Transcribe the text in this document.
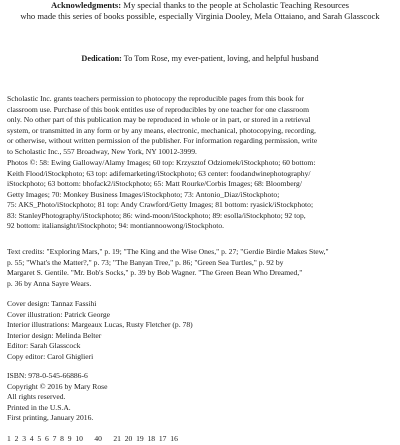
Acknowledgments: My special thanks to the people at Scholastic Teaching Resources
who made this series of books possible, especially Virginia Dooley, Mela Ottaiano, and Sarah Glasscock
Dedication: To Tom Rose, my ever-patient, loving, and helpful husband
Scholastic Inc. grants teachers permission to photocopy the reproducible pages from this book for
classroom use. Purchase of this book entitles use of reproducibles by one teacher for one classroom
only. No other part of this publication may be reproduced in whole or in part, or stored in a retrieval
system, or transmitted in any form or by any means, electronic, mechanical, photocopying, recording,
or otherwise, without written permission of the publisher. For information regarding permission, write
to Scholastic Inc., 557 Broadway, New York, NY 10012-3999.
Photos ©: 58: Ewing Galloway/Alamy Images; 60 top: Krzysztof Odziomek/iStockphoto; 60 bottom:
Keith Flood/iStockphoto; 63 top: adifemarketing/iStockphoto; 63 center: foodandwinephotography/
iStockphoto; 63 bottom: bhofack2/iStockphoto; 65: Matt Rourke/Corbis Images; 68: Bloomberg/
Getty Images; 70: Monkey Business Images/iStockphoto; 73: Antonio_Diaz/iStockphoto;
75: AKS_Photo/iStockphoto; 81 top: Andy Crawford/Getty Images; 81 bottom: ryasick/iStockphoto;
83: StanleyPhotography/iStockphoto; 86: wind-moon/iStockphoto; 89: esolla/iStockphoto; 92 top,
92 bottom: italiansight/iStockphoto; 94: montiannoowong/iStockphoto.
Text credits: "Exploring Mars," p. 19; "The King and the Wise Ones," p. 27; "Gerdie Birdie Makes Stew,"
p. 55; "What's the Matter?," p. 73; "The Banyan Tree," p. 86; "Green Sea Turtles," p. 92 by
Margaret S. Gentile. "Mr. Bob's Socks," p. 39 by Bob Wagner. "The Green Bean Who Dreamed,"
p. 36 by Anna Sayre Wears.
Cover design: Tannaz Fassihi
Cover illustration: Patrick George
Interior illustrations: Margeaux Lucas, Rusty Fletcher (p. 78)
Interior design: Melinda Belter
Editor: Sarah Glasscock
Copy editor: Carol Ghiglieri
ISBN: 978-0-545-66886-6
Copyright © 2016 by Mary Rose
All rights reserved.
Printed in the U.S.A.
First printing, January 2016.
1  2  3  4  5  6  7  8  9  10      40      21  20  19  18  17  16
